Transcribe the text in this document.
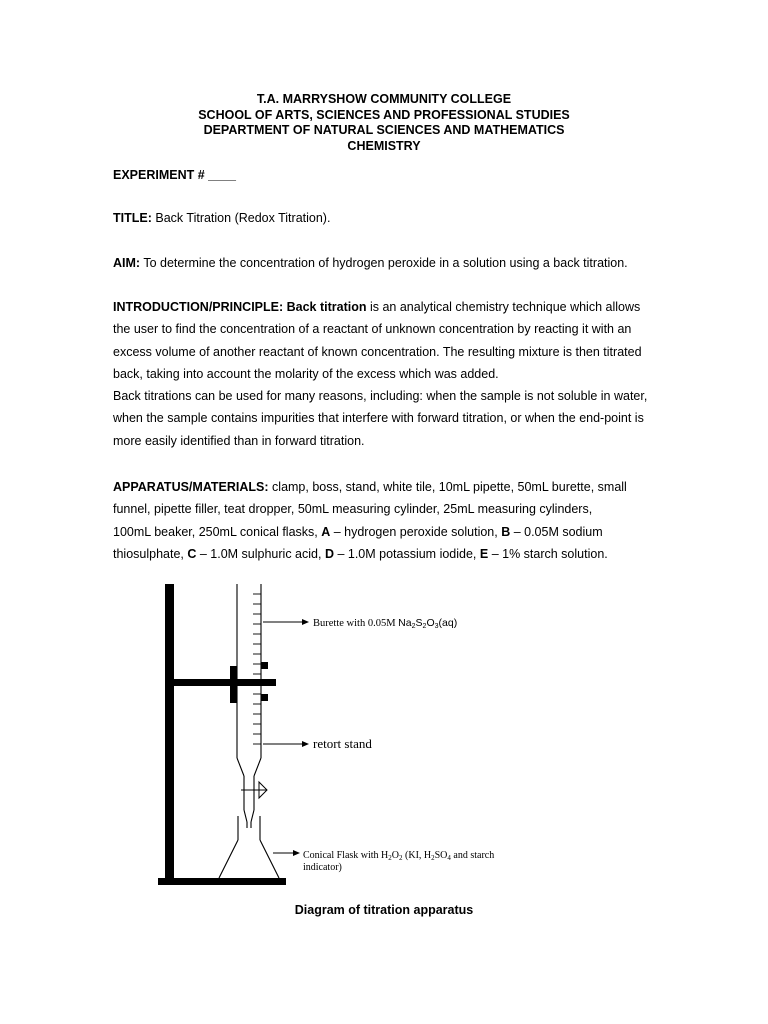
T.A. MARRYSHOW COMMUNITY COLLEGE
SCHOOL OF ARTS, SCIENCES AND PROFESSIONAL STUDIES
DEPARTMENT OF NATURAL SCIENCES AND MATHEMATICS
CHEMISTRY
EXPERIMENT # ____
TITLE: Back Titration (Redox Titration).
AIM: To determine the concentration of hydrogen peroxide in a solution using a back titration.
INTRODUCTION/PRINCIPLE: Back titration is an analytical chemistry technique which allows
the user to find the concentration of a reactant of unknown concentration by reacting it with an
excess volume of another reactant of known concentration. The resulting mixture is then titrated
back, taking into account the molarity of the excess which was added.
Back titrations can be used for many reasons, including: when the sample is not soluble in water,
when the sample contains impurities that interfere with forward titration, or when the end-point is
more easily identified than in forward titration.
APPARATUS/MATERIALS: clamp, boss, stand, white tile, 10mL pipette, 50mL burette, small
funnel, pipette filler, teat dropper, 50mL measuring cylinder, 25mL measuring cylinders,
100mL beaker, 250mL conical flasks, A – hydrogen peroxide solution, B – 0.05M sodium
thiosulphate, C – 1.0M sulphuric acid, D – 1.0M potassium iodide, E – 1% starch solution.
Burette with 0.05M Na2S2O3(aq)
retort stand
Conical Flask with $H_2O_2$ (KI, $H_2SO_4$ and starch
indicator)
Diagram of titration apparatus
